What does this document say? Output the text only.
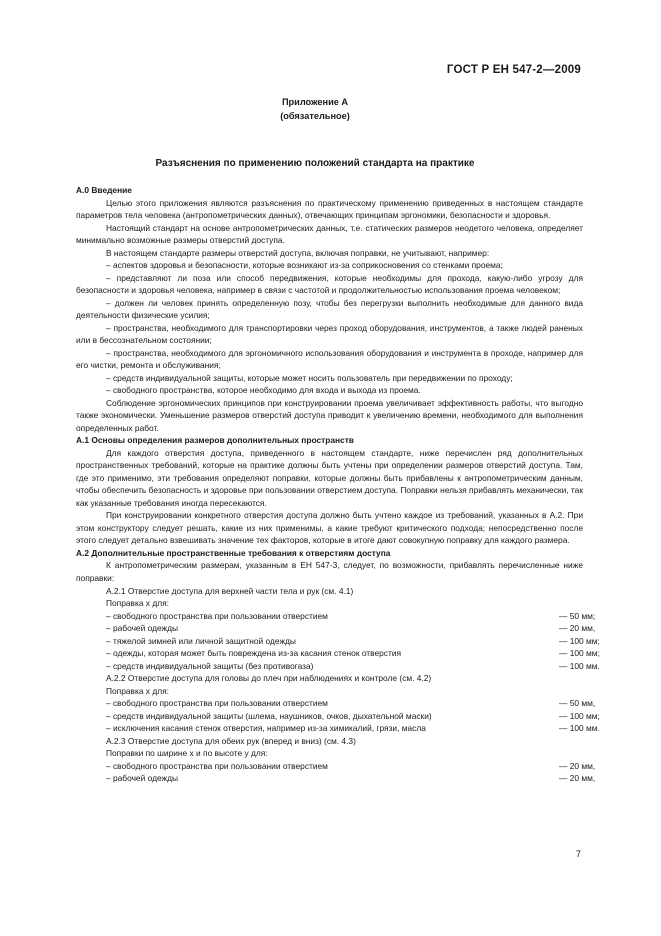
ГОСТ Р ЕН 547-2—2009
Приложение А
(обязательное)
Разъяснения по применению положений стандарта на практике

А.0 Введение

Целью этого приложения являются разъяснения по практическому применению приведенных в настоящем стандарте параметров тела человека (антропометрических данных), отвечающих принципам эргономики, безопасности и здоровья.

Настоящий стандарт на основе антропометрических данных, т.е. статических размеров неодетого человека, определяет минимально возможные размеры отверстий доступа.

В настоящем стандарте размеры отверстий доступа, включая поправки, не учитывают, например:

– аспектов здоровья и безопасности, которые возникают из-за соприкосновения со стенками проема;

– представляют ли поза или способ передвижения, которые необходимы для прохода, какую-либо угрозу для безопасности и здоровья человека, например в связи с частотой и продолжительностью использования проема человеком;

– должен ли человек принять определенную позу, чтобы без перегрузки выполнить необходимые для данного вида деятельности физические усилия;

– пространства, необходимого для транспортировки через проход оборудования, инструментов, а также людей раненых или в бессознательном состоянии;

– пространства, необходимого для эргономичного использования оборудования и инструмента в проходе, например для его чистки, ремонта и обслуживания;

– средств индивидуальной защиты, которые может носить пользователь при передвижении по проходу;

– свободного пространства, которое необходимо для входа и выхода из проема.

Соблюдение эргономических принципов при конструировании проема увеличивает эффективность работы, что выгодно также экономически. Уменьшение размеров отверстий доступа приводит к увеличению времени, необходимого для выполнения определенных работ.

А.1 Основы определения размеров дополнительных пространств

Для каждого отверстия доступа, приведенного в настоящем стандарте, ниже перечислен ряд дополнительных пространственных требований, которые на практике должны быть учтены при определении размеров отверстий доступа. Там, где это применимо, эти требования определяют поправки, которые должны быть прибавлены к антропометрическим данным, чтобы обеспечить безопасность и здоровье при пользовании отверстием доступа. Поправки нельзя прибавлять механически, так как указанные требования иногда пересекаются.

При конструировании конкретного отверстия доступа должно быть учтено каждое из требований, указанных в А.2. При этом конструктору следует решать, какие из них применимы, а какие требуют критического подхода; непосредственно после этого следует детально взвешивать значение тех факторов, которые в итоге дают совокупную поправку для каждого размера.

А.2 Дополнительные пространственные требования к отверстиям доступа

К антропометрическим размерам, указанным в ЕН 547-3, следует, по возможности, прибавлять перечисленные ниже поправки:

А.2.1 Отверстие доступа для верхней части тела и рук (см. 4.1)

Поправка x для:

– свободного пространства при пользовании отверстием	— 50 мм;
– рабочей одежды	— 20 мм,
– тяжелой зимней или личной защитной одежды	— 100 мм;
– одежды, которая может быть повреждена из-за касания стенок отверстия	— 100 мм;
– средств индивидуальной защиты (без противогаза)	— 100 мм.

А.2.2 Отверстие доступа для головы до плеч при наблюдениях и контроле (см. 4.2)

Поправка x для:

– свободного пространства при пользовании отверстием	— 50 мм,
– средств индивидуальной защиты (шлема, наушников, очков, дыхательной маски)	— 100 мм;
– исключения касания стенок отверстия, например из-за химикалий, грязи, масла	— 100 мм.

А.2.3 Отверстие доступа для обеих рук (вперед и вниз) (см. 4.3)

Поправки по ширине x и по высоте y для:

– свободного пространства при пользовании отверстием	— 20 мм,
– рабочей одежды	— 20 мм,
7
